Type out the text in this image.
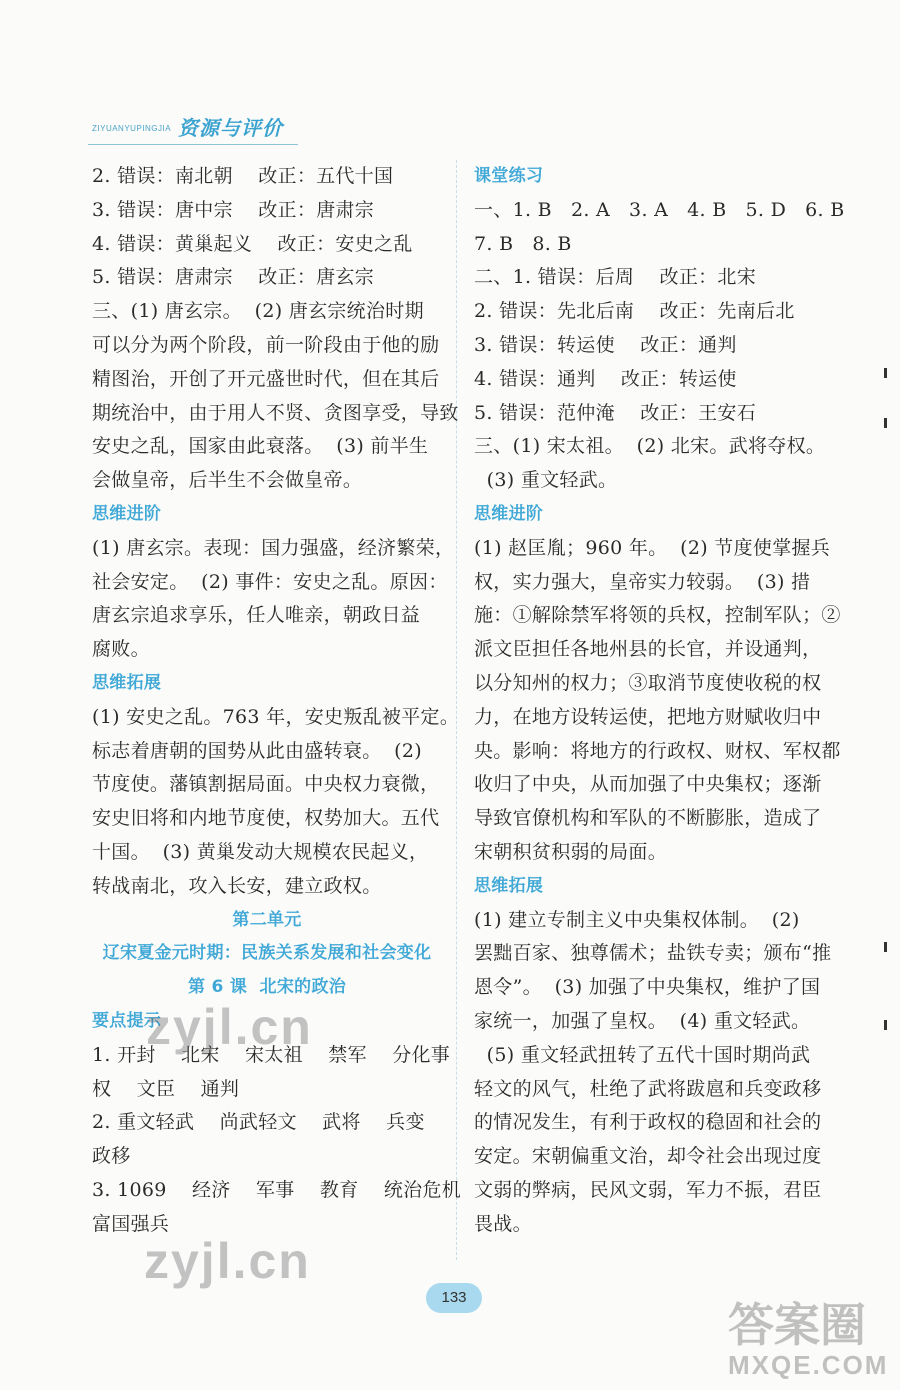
ZIYUANYUPINGJIA 资源与评价
2. 错误：南北朝    改正：五代十国
3. 错误：唐中宗    改正：唐肃宗
4. 错误：黄巢起义    改正：安史之乱
5. 错误：唐肃宗    改正：唐玄宗
三、(1) 唐玄宗。  (2) 唐玄宗统治时期
可以分为两个阶段，前一阶段由于他的励
精图治，开创了开元盛世时代，但在其后
期统治中，由于用人不贤、贪图享受，导致
安史之乱，国家由此衰落。  (3) 前半生
会做皇帝，后半生不会做皇帝。
思维进阶
(1) 唐玄宗。表现：国力强盛，经济繁荣，
社会安定。  (2) 事件：安史之乱。原因：
唐玄宗追求享乐，任人唯亲，朝政日益
腐败。
思维拓展
(1) 安史之乱。763 年，安史叛乱被平定。
标志着唐朝的国势从此由盛转衰。  (2)
节度使。藩镇割据局面。中央权力衰微，
安史旧将和内地节度使，权势加大。五代
十国。  (3) 黄巢发动大规模农民起义，
转战南北，攻入长安，建立政权。
第二单元
辽宋夏金元时期：民族关系发展和社会变化
第 6 课  北宋的政治
要点提示
1. 开封    北宋    宋太祖    禁军    分化事
权    文臣    通判
2. 重文轻武    尚武轻文    武将    兵变
政移
3. 1069    经济    军事    教育    统治危机
富国强兵
课堂练习
一、1. B   2. A   3. A   4. B   5. D   6. B
7. B   8. B
二、1. 错误：后周    改正：北宋
2. 错误：先北后南    改正：先南后北
3. 错误：转运使    改正：通判
4. 错误：通判    改正：转运使
5. 错误：范仲淹    改正：王安石
三、(1) 宋太祖。  (2) 北宋。武将夺权。
(3) 重文轻武。
思维进阶
(1) 赵匡胤；960 年。  (2) 节度使掌握兵
权，实力强大，皇帝实力较弱。  (3) 措
施：①解除禁军将领的兵权，控制军队；②
派文臣担任各地州县的长官，并设通判，
以分知州的权力；③取消节度使收税的权
力，在地方设转运使，把地方财赋收归中
央。影响：将地方的行政权、财权、军权都
收归了中央，从而加强了中央集权；逐渐
导致官僚机构和军队的不断膨胀，造成了
宋朝积贫积弱的局面。
思维拓展
(1) 建立专制主义中央集权体制。  (2)
罢黜百家、独尊儒术；盐铁专卖；颁布“推
恩令”。  (3) 加强了中央集权，维护了国
家统一，加强了皇权。  (4) 重文轻武。
(5) 重文轻武扭转了五代十国时期尚武
轻文的风气，杜绝了武将跋扈和兵变政移
的情况发生，有利于政权的稳固和社会的
安定。宋朝偏重文治，却令社会出现过度
文弱的弊病，民风文弱，军力不振，君臣
畏战。
zyjl.cn
zyjl.cn
133
答案圈
MXQE.COM
